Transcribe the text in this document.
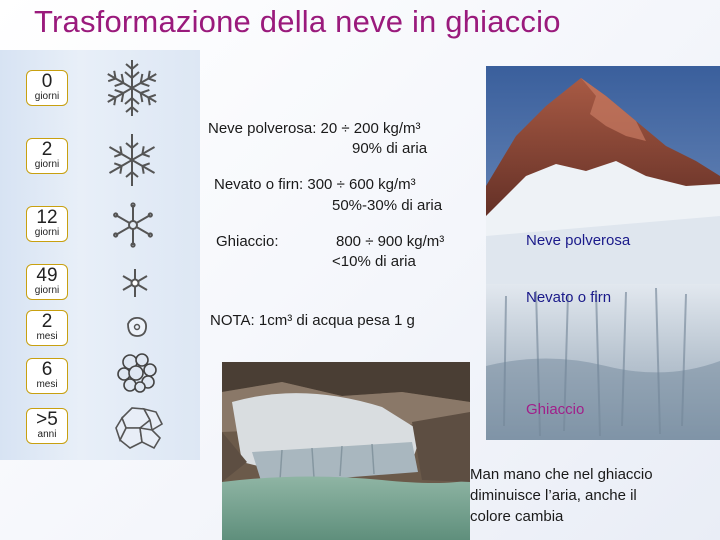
Trasformazione della neve in ghiaccio
0
giorni
2
giorni
12
giorni
49
giorni
2
mesi
6
mesi
>5
anni
Neve polverosa: 20 ÷ 200 kg/m³
90% di aria
Nevato o firn: 300 ÷ 600 kg/m³
50%-30% di aria
Ghiaccio:	800 ÷ 900 kg/m³
<10% di aria
NOTA: 1cm³ di acqua pesa 1 g
Neve polverosa
Nevato o firn
Ghiaccio
Man mano che nel ghiaccio
diminuisce l’aria, anche il
colore cambia
